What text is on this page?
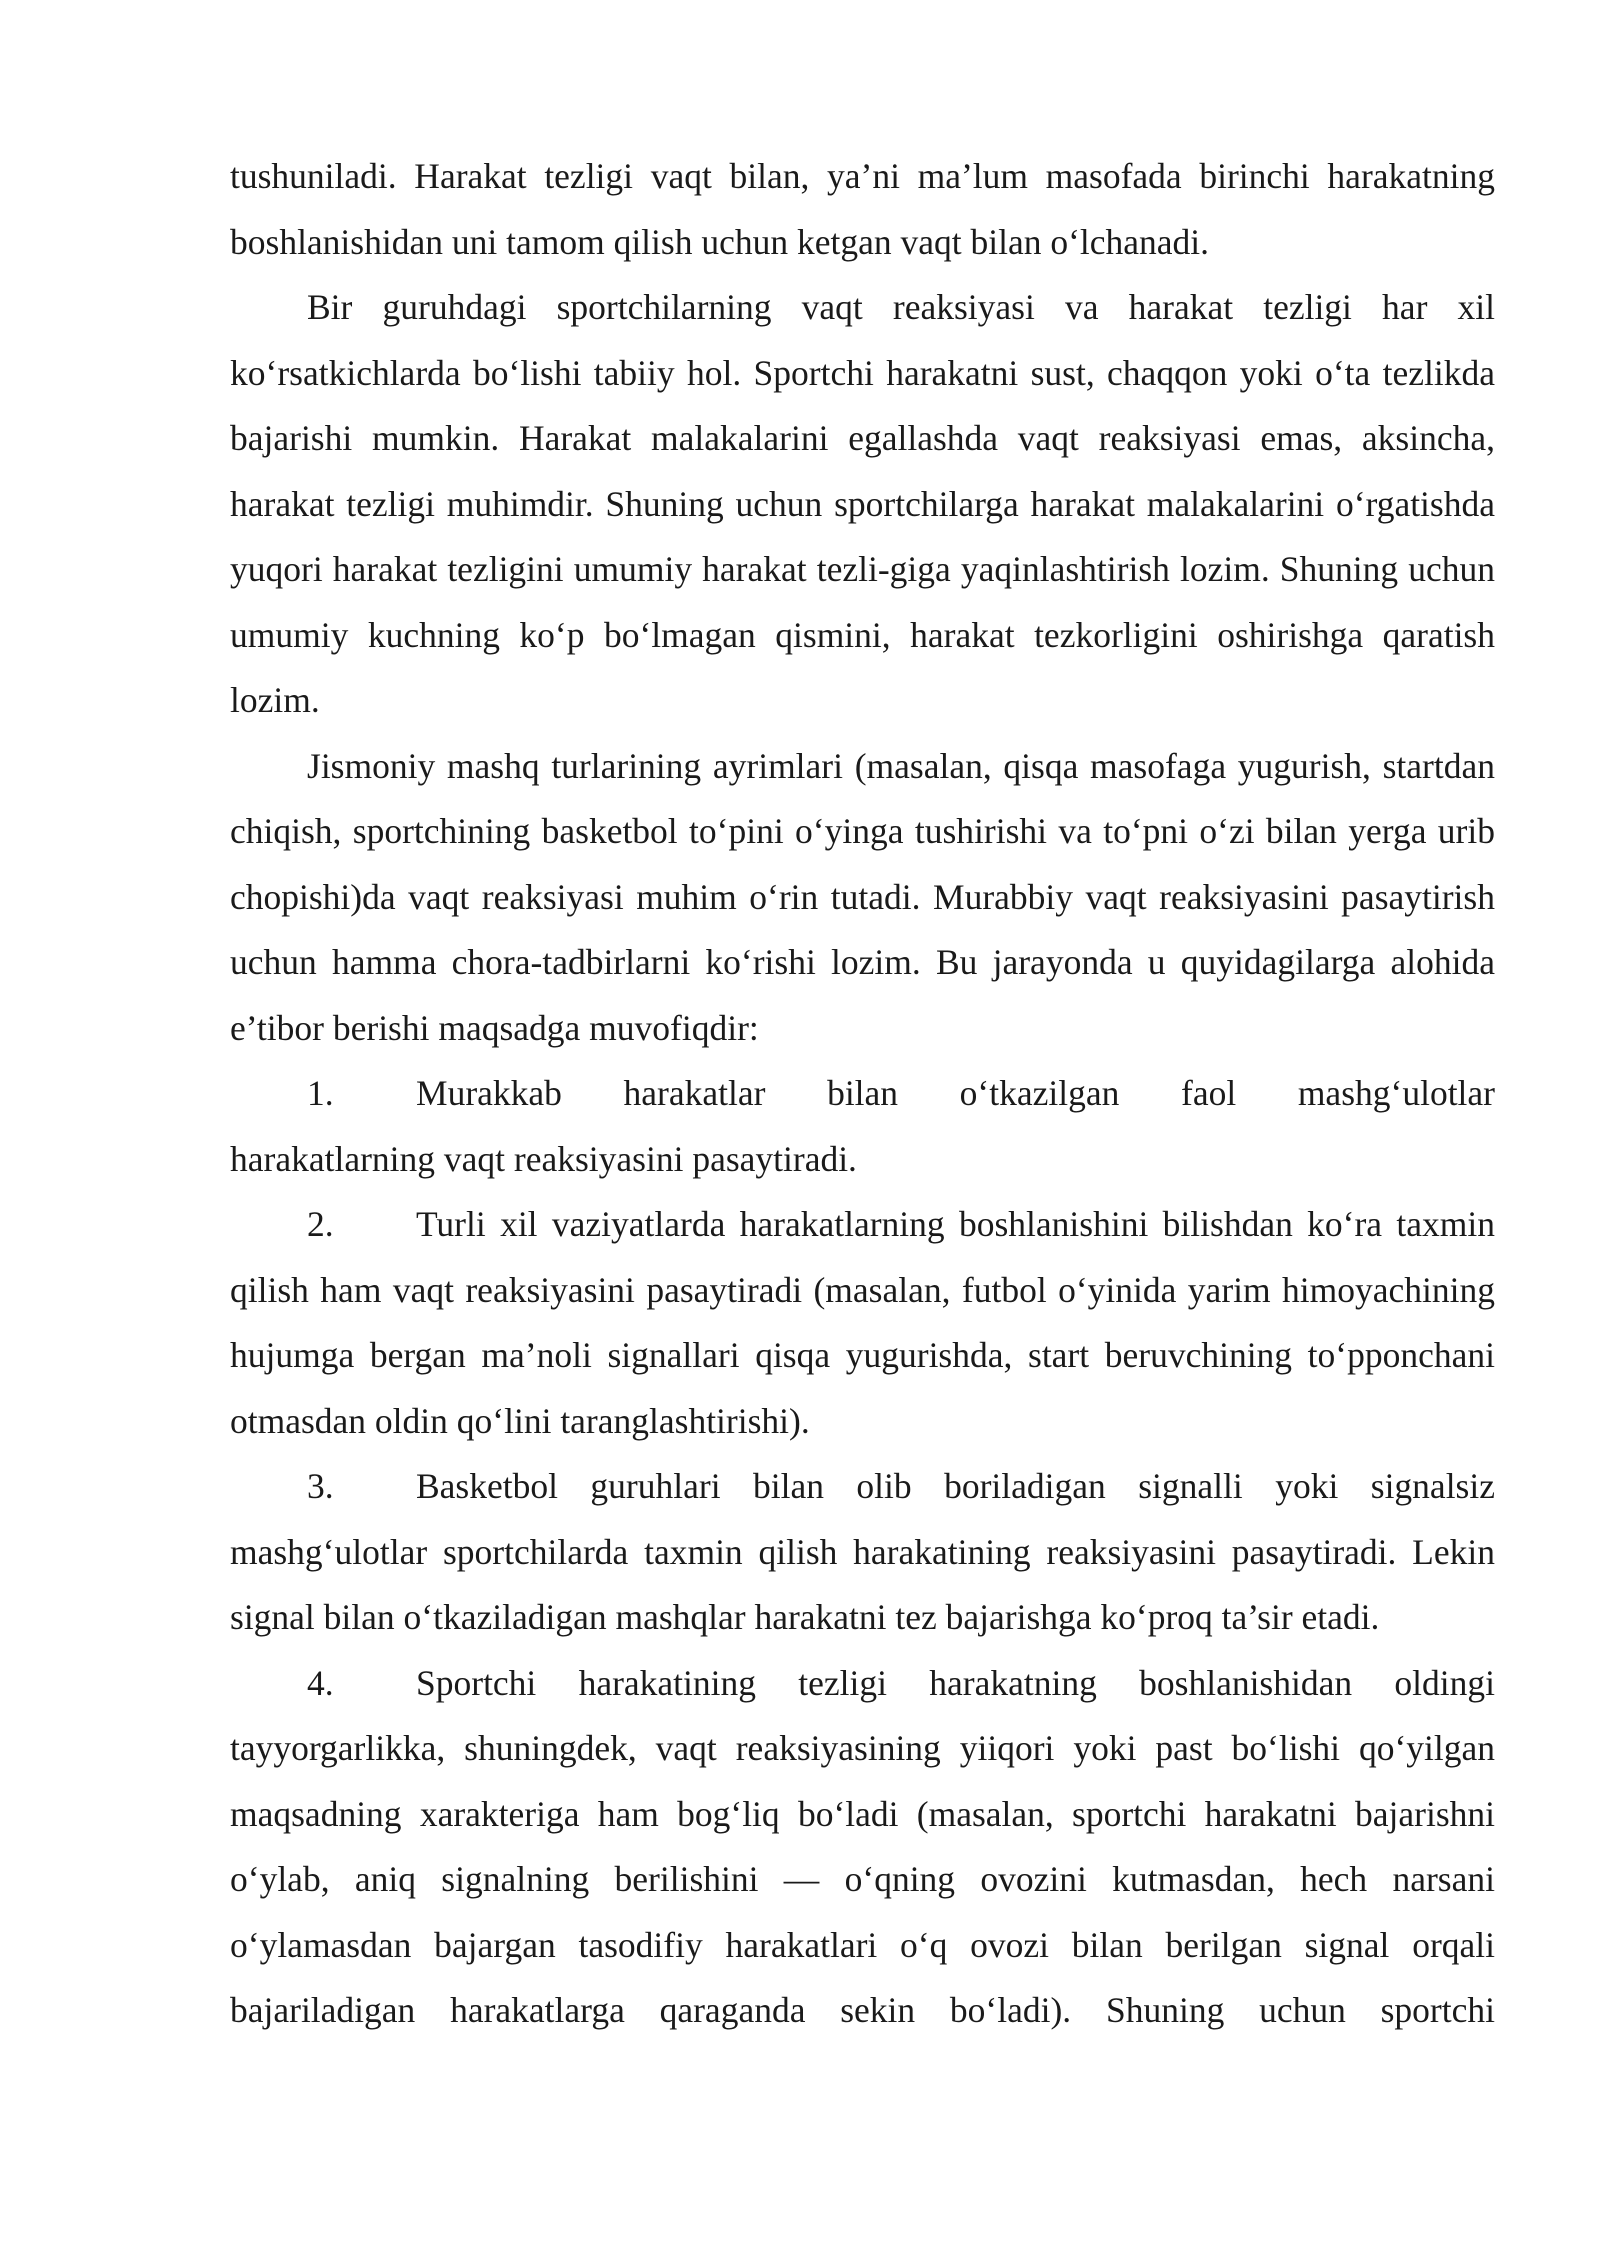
tushuniladi. Harakat tezligi vaqt bilan, ya’ni ma’lum masofada birinchi harakatning boshlanishidan uni tamom qilish uchun ketgan vaqt bilan o‘lchanadi.

Bir guruhdagi sportchilarning vaqt reaksiyasi va harakat tezligi har xil ko‘rsatkichlarda bo‘lishi tabiiy hol. Sportchi harakatni sust, chaqqon yoki o‘ta tezlikda bajarishi mumkin. Harakat malakalarini egallashda vaqt reaksiyasi emas, aksincha, harakat tezligi muhimdir. Shuning uchun sportchilarga harakat malakalarini o‘rgatishda yuqori harakat tezligini umumiy harakat tezli-giga yaqinlashtirish lozim. Shuning uchun umumiy kuchning ko‘p bo‘lmagan qismini, harakat tezkorligini oshirishga qaratish lozim.

Jismoniy mashq turlarining ayrimlari (masalan, qisqa masofaga yugurish, startdan chiqish, sportchining basketbol to‘pini o‘yinga tushirishi va to‘pni o‘zi bilan yerga urib chopishi)da vaqt reaksiyasi muhim o‘rin tutadi. Murabbiy vaqt reaksiyasini pasaytirish uchun hamma chora-tadbirlarni ko‘rishi lozim. Bu jarayonda u quyidagilarga alohida e’tibor berishi maqsadga muvofiqdir:

1. Murakkab harakatlar bilan o‘tkazilgan faol mashg‘ulotlar

harakatlarning vaqt reaksiyasini pasaytiradi.

2. Turli xil vaziyatlarda harakatlarning boshlanishini bilishdan ko‘ra taxmin qilish ham vaqt reaksiyasini pasaytiradi (masalan, futbol o‘yinida yarim himoyachining hujumga bergan ma’noli signallari qisqa yugurishda, start beruvchining to‘pponchani otmasdan oldin qo‘lini taranglashtirishi).

3. Basketbol guruhlari bilan olib boriladigan signalli yoki signalsiz mashg‘ulotlar sportchilarda taxmin qilish harakatining reaksiyasini pasaytiradi. Lekin signal bilan o‘tkaziladigan mashqlar harakatni tez bajarishga ko‘proq ta’sir etadi.

4. Sportchi harakatining tezligi harakatning boshlanishidan oldingi tayyorgarlikka, shuningdek, vaqt reaksiyasining yiiqori yoki past bo‘lishi qo‘yilgan maqsadning xarakteriga ham bog‘liq bo‘ladi (masalan, sportchi harakatni bajarishni o‘ylab, aniq signalning berilishini — o‘qning ovozini kutmasdan, hech narsani o‘ylamasdan bajargan tasodifiy harakatlari o‘q ovozi bilan berilgan signal orqali bajariladigan harakatlarga qaraganda sekin bo‘ladi). Shuning uchun sportchi
